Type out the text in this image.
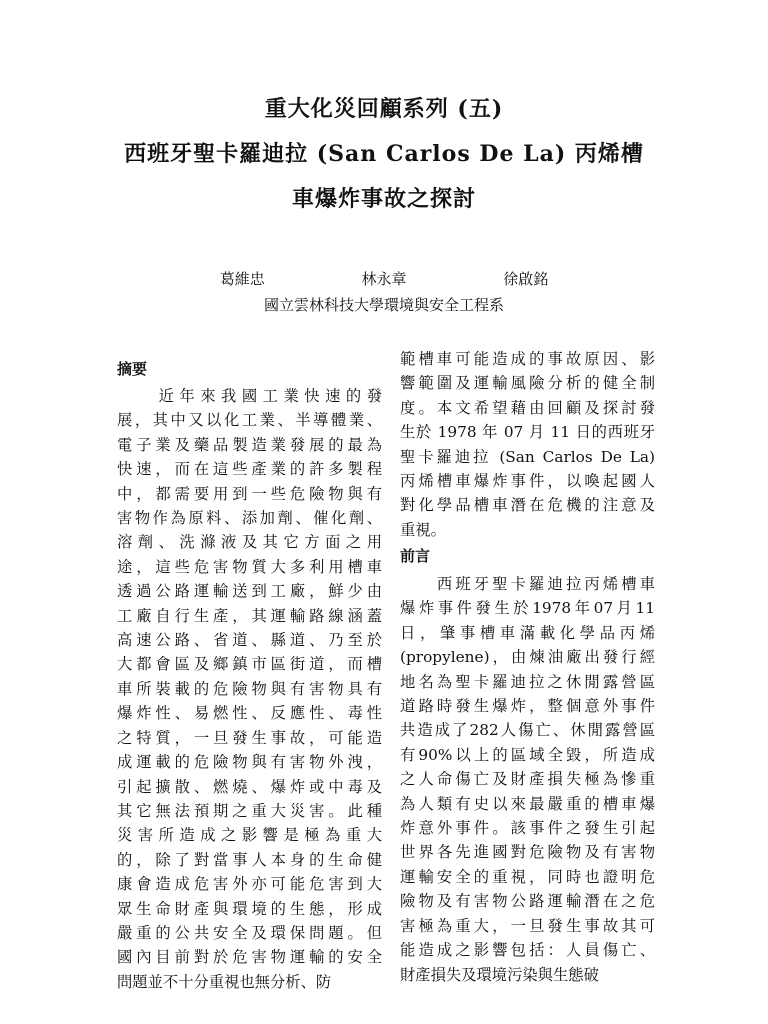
重大化災回顧系列 (五)
西班牙聖卡羅迪拉 (San Carlos De La) 丙烯槽
車爆炸事故之探討
葛維忠	林永章	徐啟銘
國立雲林科技大學環境與安全工程系
摘要
　　近年來我國工業快速的發
展，其中又以化工業、半導體業、
電子業及藥品製造業發展的最為
快速，而在這些產業的許多製程
中，都需要用到一些危險物與有
害物作為原料、添加劑、催化劑、
溶劑、洗滌液及其它方面之用
途，這些危害物質大多利用槽車
透過公路運輸送到工廠，鮮少由
工廠自行生產，其運輸路線涵蓋
高速公路、省道、縣道、乃至於
大都會區及鄉鎮市區街道，而槽
車所裝載的危險物與有害物具有
爆炸性、易燃性、反應性、毒性
之特質，一旦發生事故，可能造
成運載的危險物與有害物外洩，
引起擴散、燃燒、爆炸或中毒及
其它無法預期之重大災害。此種
災害所造成之影響是極為重大
的，除了對當事人本身的生命健
康會造成危害外亦可能危害到大
眾生命財產與環境的生態，形成
嚴重的公共安全及環保問題。但
國內目前對於危害物運輸的安全
問題並不十分重視也無分析、防
範槽車可能造成的事故原因、影
響範圍及運輸風險分析的健全制
度。本文希望藉由回顧及探討發
生於 1978 年 07 月 11 日的西班牙
聖卡羅迪拉 (San Carlos De La)
丙烯槽車爆炸事件，以喚起國人
對化學品槽車潛在危機的注意及
重視。
前言
　　西班牙聖卡羅迪拉丙烯槽車
爆炸事件發生於1978年07月11
日，肇事槽車滿載化學品丙烯
(propylene)，由煉油廠出發行經
地名為聖卡羅迪拉之休閒露營區
道路時發生爆炸，整個意外事件
共造成了282人傷亡、休閒露營區
有90%以上的區域全毀，所造成
之人命傷亡及財產損失極為慘重
為人類有史以來最嚴重的槽車爆
炸意外事件。該事件之發生引起
世界各先進國對危險物及有害物
運輸安全的重視，同時也證明危
險物及有害物公路運輸潛在之危
害極為重大，一旦發生事故其可
能造成之影響包括：人員傷亡、
財產損失及環境污染與生態破
